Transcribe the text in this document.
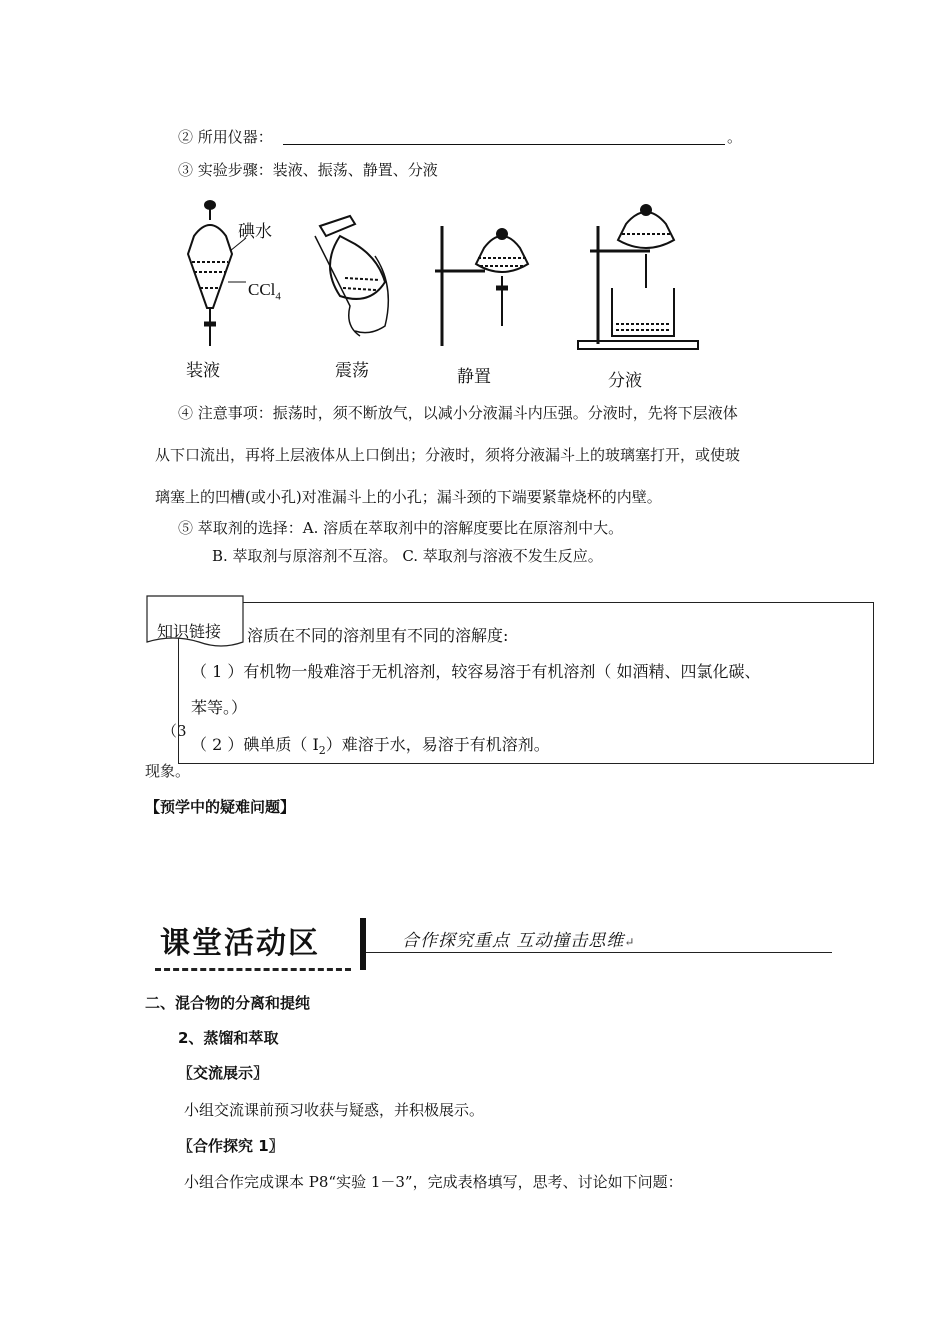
② 所用仪器：	。
③ 实验步骤：装液、振荡、静置、分液
碘水
CCl$_4$
装液	震荡	静置	分液
④ 注意事项：振荡时，须不断放气，以减小分液漏斗内压强。分液时，先将下层液体
从下口流出，再将上层液体从上口倒出；分液时，须将分液漏斗上的玻璃塞打开，或使玻
璃塞上的凹槽(或小孔)对准漏斗上的小孔；漏斗颈的下端要紧靠烧杯的内壁。
⑤ 萃取剂的选择：A. 溶质在萃取剂中的溶解度要比在原溶剂中大。
B. 萃取剂与原溶剂不互溶。 C. 萃取剂与溶液不发生反应。
（3
现象。
知识链接 溶质在不同的溶剂里有不同的溶解度:
（ 1 ）有机物一般难溶于无机溶剂，较容易溶于有机溶剂（ 如酒精、四氯化碳、
苯等。）
（ 2 ）碘单质（ $I_2$）难溶于水，易溶于有机溶剂。
【预学中的疑难问题】
课堂活动区	合作探究重点 互动撞击思维↵
二、混合物的分离和提纯
2、蒸馏和萃取
〖交流展示〗
小组交流课前预习收获与疑惑，并积极展示。
〖合作探究 1〗
小组合作完成课本 P8“实验 1－3”，完成表格填写，思考、讨论如下问题：
